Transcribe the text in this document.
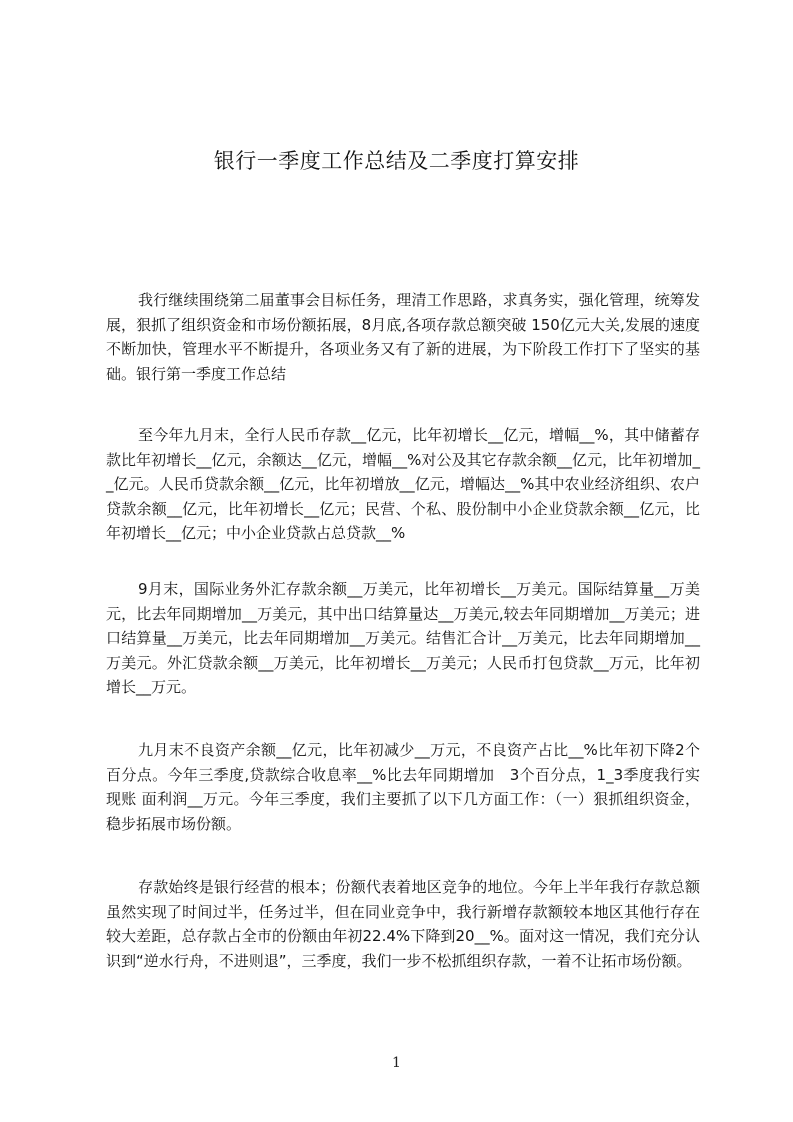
银行一季度工作总结及二季度打算安排

我行继续围绕第二届董事会目标任务，理清工作思路，求真务实，强化管理，统筹发展，狠抓了组织资金和市场份额拓展，8月底,各项存款总额突破 150亿元大关,发展的速度不断加快，管理水平不断提升，各项业务又有了新的进展，为下阶段工作打下了坚实的基础。银行第一季度工作总结

至今年九月末，全行人民币存款__亿元，比年初增长__亿元，增幅__%，其中储蓄存款比年初增长__亿元，余额达__亿元，增幅__%对公及其它存款余额__亿元，比年初增加__亿元。人民币贷款余额__亿元，比年初增放__亿元，增幅达__%其中农业经济组织、农户贷款余额__亿元，比年初增长__亿元；民营、个私、股份制中小企业贷款余额__亿元，比年初增长__亿元；中小企业贷款占总贷款__%

9月末，国际业务外汇存款余额__万美元，比年初增长__万美元。国际结算量__万美元，比去年同期增加__万美元，其中出口结算量达__万美元,较去年同期增加__万美元；进口结算量__万美元，比去年同期增加__万美元。结售汇合计__万美元，比去年同期增加__万美元。外汇贷款余额__万美元，比年初增长__万美元；人民币打包贷款__万元，比年初增长__万元。

九月末不良资产余额__亿元，比年初减少__万元，不良资产占比__%比年初下降2个百分点。今年三季度,贷款综合收息率__%比去年同期增加　3个百分点，1_3季度我行实现账 面利润__万元。今年三季度，我们主要抓了以下几方面工作：（一）狠抓组织资金，稳步拓展市场份额。

存款始终是银行经营的根本；份额代表着地区竞争的地位。今年上半年我行存款总额虽然实现了时间过半，任务过半，但在同业竞争中，我行新增存款额较本地区其他行存在较大差距，总存款占全市的份额由年初22.4%下降到20__%。面对这一情况，我们充分认识到“逆水行舟，不进则退”，三季度，我们一步不松抓组织存款，一着不让拓市场份额。

1
